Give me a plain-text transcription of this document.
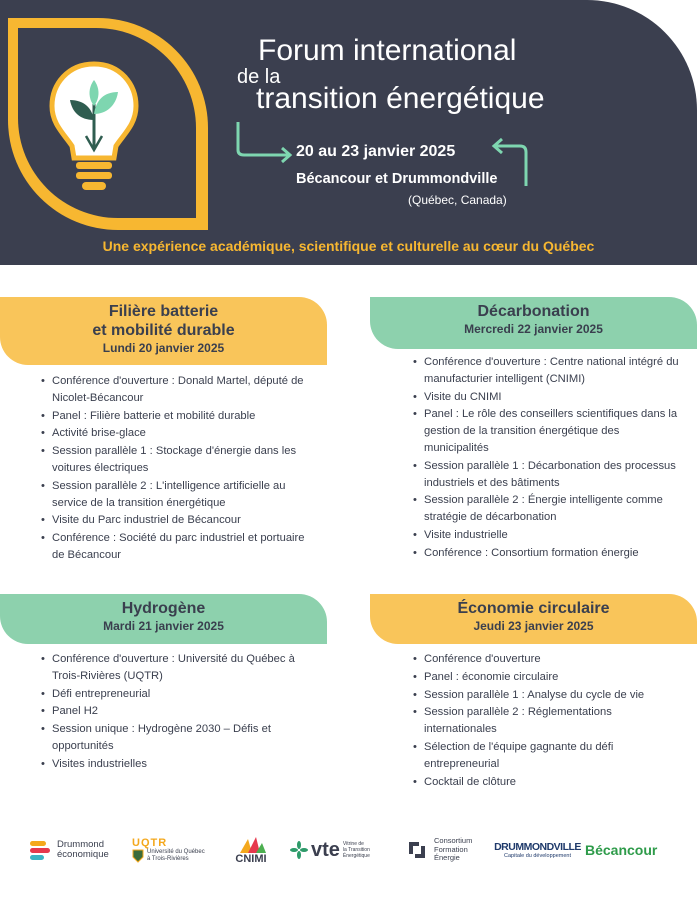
Forum international
de la
transition énergétique
20 au 23 janvier 2025
Bécancour et Drummondville
(Québec, Canada)
Une expérience académique, scientifique et culturelle au cœur du Québec
Filière batterie
et mobilité durable
Lundi 20 janvier 2025
• Conférence d'ouverture : Donald Martel, député de Nicolet-Bécancour
• Panel : Filière batterie et mobilité durable
• Activité brise-glace
• Session parallèle 1 : Stockage d'énergie dans les voitures électriques
• Session parallèle 2 : L'intelligence artificielle au service de la transition énergétique
• Visite du Parc industriel de Bécancour
• Conférence : Société du parc industriel et portuaire de Bécancour
Décarbonation
Mercredi 22 janvier 2025
• Conférence d'ouverture : Centre national intégré du manufacturier intelligent (CNIMI)
• Visite du CNIMI
• Panel : Le rôle des conseillers scientifiques dans la gestion de la transition énergétique des municipalités
• Session parallèle 1 : Décarbonation des processus industriels et des bâtiments
• Session parallèle 2 : Énergie intelligente comme stratégie de décarbonation
• Visite industrielle
• Conférence : Consortium formation énergie
Hydrogène
Mardi 21 janvier 2025
• Conférence d'ouverture : Université du Québec à Trois-Rivières (UQTR)
• Défi entrepreneurial
• Panel H2
• Session unique : Hydrogène 2030 – Défis et opportunités
• Visites industrielles
Économie circulaire
Jeudi 23 janvier 2025
• Conférence d'ouverture
• Panel : économie circulaire
• Session parallèle 1 : Analyse du cycle de vie
• Session parallèle 2 : Réglementations internationales
• Sélection de l'équipe gagnante du défi entrepreneurial
• Cocktail de clôture
Drummond
économique
UQTR
Université du Québec
à Trois-Rivières	CNIMI vte Vitrine de
la Transition
Énergétique
Consortium
Formation
Énergie
DRUMMONDVILLE
Capitale du développement Bécancour
